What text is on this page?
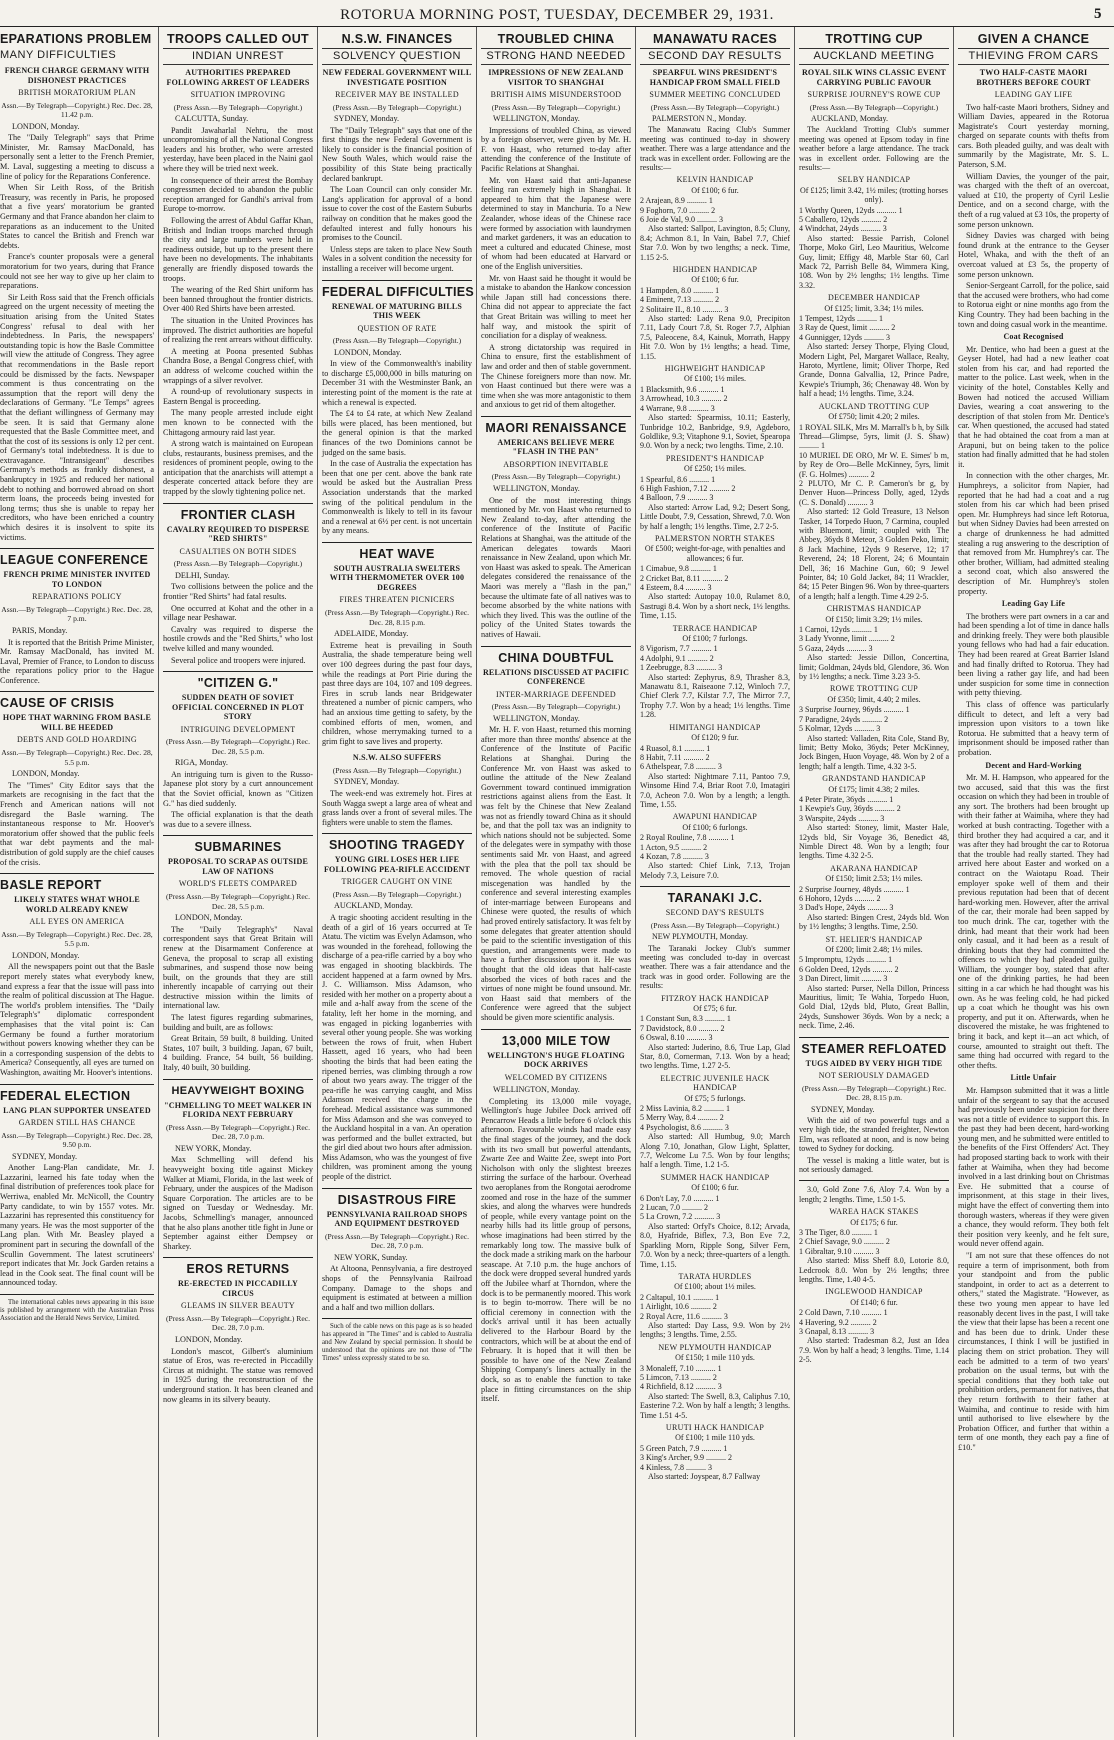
ROTORUA MORNING POST, TUESDAY, DECEMBER 29, 1931.	5
EPARATIONS PROBLEM
MANY DIFFICULTIES
FRENCH CHARGE GERMANY WITH DISHONEST PRACTICES
BRITISH MORATORIUM PLAN
Assn.—By Telegraph—Copyright.) Rec. Dec. 28, 11.42 p.m.

LONDON, Monday.

The "Daily Telegraph" says that Prime Minister, Mr. Ramsay MacDonald, has personally sent a letter to the French Premier, M. Laval, suggesting a meeting to discuss a line of policy for the Reparations Conference.

When Sir Leith Ross, of the British Treasury, was recently in Paris, he proposed that a five years' moratorium be granted Germany and that France abandon her claim to reparations as an inducement to the United States to cancel the British and French war debts.

France's counter proposals were a general moratorium for two years, during that France could not see her way to give up her claim to reparations.

Sir Leith Ross said that the French officials agreed on the urgent necessity of meeting the situation arising from the United States Congress' refusal to deal with her indebtedness. In Paris, the newspapers' outstanding topic is how the Basle Committee will view the attitude of Congress. They agree that recommendations in the Basle report could be dismissed by the facts. Newspaper comment is thus concentrating on the assumption that the report will deny the declarations of Germany. "Le Temps" agrees that the defiant willingness of Germany may be seen. It is said that Germany alone requested that the Basle Committee meet, and that the cost of its sessions is only 12 per cent. of Germany's total indebtedness. It is due to extravagance. "Intransigeant" describes Germany's methods as frankly dishonest, a bankruptcy in 1925 and reduced her national debt to nothing and borrowed abroad on short term loans, the proceeds being invested for long terms; thus she is unable to repay her creditors, who have been enriched a country which desires it is insolvent to spite its victims.

LEAGUE CONFERENCE
FRENCH PRIME MINISTER INVITED TO LONDON
REPARATIONS POLICY
Assn.—By Telegraph—Copyright.) Rec. Dec. 28, 7 p.m.

PARIS, Monday.

It is reported that the British Prime Minister, Mr. Ramsay MacDonald, has invited M. Laval, Premier of France, to London to discuss the reparations policy prior to the Hague Conference.

CAUSE OF CRISIS
HOPE THAT WARNING FROM BASLE WILL BE HEEDED
DEBTS AND GOLD HOARDING
Assn.—By Telegraph—Copyright.) Rec. Dec. 28, 5.5 p.m.

LONDON, Monday.

The "Times" City Editor says that the markets are recognising in the fact that the French and American nations will not disregard the Basle warning. The instantaneous response to Mr. Hoover's moratorium offer showed that the public feels that war debt payments and the mal-distribution of gold supply are the chief causes of the crisis.

BASLE REPORT
LIKELY STATES WHAT WHOLE WORLD ALREADY KNEW
ALL EYES ON AMERICA
Assn.—By Telegraph—Copyright.) Rec. Dec. 28, 5.5 p.m.

LONDON, Monday.

All the newspapers point out that the Basle report merely states what everybody knew, and express a fear that the issue will pass into the realm of political discussion at The Hague. The world's problem intensifies. The "Daily Telegraph's" diplomatic correspondent emphasises that the vital point is: Can Germany be found a further moratorium without powers knowing whether they can be in a corresponding suspension of the debts to America? Consequently, all eyes are turned on Washington, awaiting Mr. Hoover's intentions.

FEDERAL ELECTION
LANG PLAN SUPPORTER UNSEATED
GARDEN STILL HAS CHANCE
Assn.—By Telegraph—Copyright.) Rec. Dec. 28, 9.50 p.m.

SYDNEY, Monday.

Another Lang-Plan candidate, Mr. J. Lazzarini, learned his fate today when the final distribution of preferences took place for Werriwa, enabled Mr. McNicoll, the Country Party candidate, to win by 1557 votes. Mr. Lazzarini has represented this constituency for many years. He was the most supporter of the Lang plan. With Mr. Beasley played a prominent part in securing the downfall of the Scullin Government. The latest scrutineers' report indicates that Mr. Jock Garden retains a lead in the Cook seat. The final count will be announced today.

The international cables news appearing in this issue is published by arrangement with the Australian Press Association and the Herald News Service, Limited.

TROOPS CALLED OUT
INDIAN UNREST
AUTHORITIES PREPARED FOLLOWING ARREST OF LEADERS
SITUATION IMPROVING
(Press Assn.—By Telegraph—Copyright.)

CALCUTTA, Sunday.

Pandit Jawaharlal Nehru, the most uncompromising of all the National Congress leaders and his brother, who were arrested yesterday, have been placed in the Naini gaol where they will be tried next week.

In consequence of their arrest the Bombay congressmen decided to abandon the public reception arranged for Gandhi's arrival from Europe to-morrow.

Following the arrest of Abdul Gaffar Khan, British and Indian troops marched through the city and large numbers were held in readiness outside, but up to the present there have been no developments. The inhabitants generally are friendly disposed towards the troops.

The wearing of the Red Shirt uniform has been banned throughout the frontier districts. Over 400 Red Shirts have been arrested.

The situation in the United Provinces has improved. The district authorities are hopeful of realizing the rent arrears without difficulty.

A meeting at Poona presented Subhas Chandra Bose, a Bengal Congress chief, with an address of welcome couched within the wrappings of a silver revolver.

A round-up of revolutionary suspects in Eastern Bengal is proceeding.

The many people arrested include eight men known to be connected with the Chittagong armoury raid last year.

A strong watch is maintained on European clubs, restaurants, business premises, and the residences of prominent people, owing to the anticipation that the anarchists will attempt a desperate concerted attack before they are trapped by the slowly tightening police net.

FRONTIER CLASH
CAVALRY REQUIRED TO DISPERSE "RED SHIRTS"
CASUALTIES ON BOTH SIDES
(Press Assn.—By Telegraph—Copyright.)

DELHI, Sunday.

Two collisions between the police and the frontier "Red Shirts" had fatal results.

One occurred at Kohat and the other in a village near Peshawar.

Cavalry was required to disperse the hostile crowds and the "Red Shirts," who lost twelve killed and many wounded.

Several police and troopers were injured.

"CITIZEN G."
SUDDEN DEATH OF SOVIET OFFICIAL CONCERNED IN PLOT STORY
INTRIGUING DEVELOPMENT
(Press Assn.—By Telegraph—Copyright.) Rec. Dec. 28, 5.5 p.m.

RIGA, Monday.

An intriguing turn is given to the Russo-Japanese plot story by a curt announcement that the Soviet official, known as "Citizen G." has died suddenly.

The official explanation is that the death was due to a severe illness.

SUBMARINES
PROPOSAL TO SCRAP AS OUTSIDE LAW OF NATIONS
WORLD'S FLEETS COMPARED
(Press Assn.—By Telegraph—Copyright.) Rec. Dec. 28, 5.5 p.m.

LONDON, Monday.

The "Daily Telegraph's" Naval correspondent says that Great Britain will renew at the Disarmament Conference at Geneva, the proposal to scrap all existing submarines, and suspend those now being built, on the grounds that they are still inherently incapable of carrying out their destructive mission within the limits of international law.

The latest figures regarding submarines, building and built, are as follows:

Great Britain, 59 built, 8 building. United States, 107 built, 3 building. Japan, 67 built, 4 building. France, 54 built, 56 building. Italy, 40 built, 30 building.

HEAVYWEIGHT BOXING
"CHMELLING TO MEET WALKER IN FLORIDA NEXT FEBRUARY
(Press Assn.—By Telegraph—Copyright.) Rec. Dec. 28, 7.0 p.m.

NEW YORK, Monday.

Max Schmelling will defend his heavyweight boxing title against Mickey Walker at Miami, Florida, in the last week of February, under the auspices of the Madison Square Corporation. The articles are to be signed on Tuesday or Wednesday. Mr. Jacobs, Schmelling's manager, announced that he also plans another title fight in June or September against either Dempsey or Sharkey.

EROS RETURNS
RE-ERECTED IN PICCADILLY CIRCUS
GLEAMS IN SILVER BEAUTY
(Press Assn.—By Telegraph—Copyright.) Rec. Dec. 28, 7.0 p.m.

LONDON, Monday.

London's mascot, Gilbert's aluminium statue of Eros, was re-erected in Piccadilly Circus at midnight. The statue was removed in 1925 during the reconstruction of the underground station. It has been cleaned and now gleams in its silvery beauty.

N.S.W. FINANCES
SOLVENCY QUESTION
NEW FEDERAL GOVERNMENT WILL INVESTIGATE POSITION
RECEIVER MAY BE INSTALLED
(Press Assn.—By Telegraph—Copyright.)

SYDNEY, Monday.

The "Daily Telegraph" says that one of the first things the new Federal Government is likely to consider is the financial position of New South Wales, which would raise the possibility of this State being practically declared bankrupt.

The Loan Council can only consider Mr. Lang's application for approval of a bond issue to cover the cost of the Eastern Suburbs railway on condition that he makes good the defaulted interest and fully honours his promises to the Council.

Unless steps are taken to place New South Wales in a solvent condition the necessity for installing a receiver will become urgent.

FEDERAL DIFFICULTIES
RENEWAL OF MATURING BILLS THIS WEEK
QUESTION OF RATE
(Press Assn.—By Telegraph—Copyright.)

LONDON, Monday.

In view of the Commonwealth's inability to discharge £5,000,000 in bills maturing on December 31 with the Westminster Bank, an interesting point of the moment is the rate at which a renewal is expected.

The £4 to £4 rate, at which New Zealand bills were placed, has been mentioned, but the general opinion is that the marked finances of the two Dominions cannot be judged on the same basis.

In the case of Australia the expectation has been that one per cent. above the bank rate would be asked but the Australian Press Association understands that the marked swing of the political pendulum in the Commonwealth is likely to tell in its favour and a renewal at 6½ per cent. is not uncertain by any means.

HEAT WAVE
SOUTH AUSTRALIA SWELTERS WITH THERMOMETER OVER 100 DEGREES
FIRES THREATEN PICNICERS
(Press Assn.—By Telegraph—Copyright.) Rec. Dec. 28, 8.15 p.m.

ADELAIDE, Monday.

Extreme heat is prevailing in South Australia, the shade temperature being well over 100 degrees during the past four days, while the readings at Port Pirie during the past three days are 104, 107 and 109 degrees. Fires in scrub lands near Bridgewater threatened a number of picnic campers, who had an anxious time getting to safety, by the combined efforts of men, women, and children, whose merrymaking turned to a grim fight to save lives and property.

N.S.W. ALSO SUFFERS
(Press Assn.—By Telegraph—Copyright.)

SYDNEY, Monday.

The week-end was extremely hot. Fires at South Wagga swept a large area of wheat and grass lands over a front of several miles. The fighters were unable to stem the flames.

SHOOTING TRAGEDY
YOUNG GIRL LOSES HER LIFE FOLLOWING PEA-RIFLE ACCIDENT
TRIGGER CAUGHT ON VINE
(Press Assn.—By Telegraph—Copyright.)

AUCKLAND, Monday.

A tragic shooting accident resulting in the death of a girl of 16 years occurred at Te Atatu. The victim was Evelyn Adamson, who was wounded in the forehead, following the discharge of a pea-rifle carried by a boy who was engaged in shooting blackbirds. The accident happened at a farm owned by Mrs. J. C. Williamson. Miss Adamson, who resided with her mother on a property about a mile and a-half away from the scene of the fatality, left her home in the morning, and was engaged in picking loganberries with several other young people. She was working between the rows of fruit, when Hubert Hassett, aged 16 years, who had been shooting the birds that had been eating the ripened berries, was climbing through a row of about two years away. The trigger of the pea-rifle he was carrying caught, and Miss Adamson received the charge in the forehead. Medical assistance was summoned for Miss Adamson and she was conveyed to the Auckland hospital in a van. An operation was performed and the bullet extracted, but the girl died about two hours after admission. Miss Adamson, who was the youngest of five children, was prominent among the young people of the district.

DISASTROUS FIRE
PENNSYLVANIA RAILROAD SHOPS AND EQUIPMENT DESTROYED
(Press Assn.—By Telegraph—Copyright.) Rec. Dec. 28, 7.0 p.m.

NEW YORK, Sunday.

At Altoona, Pennsylvania, a fire destroyed shops of the Pennsylvania Railroad Company. Damage to the shops and equipment is estimated at between a million and a half and two million dollars.

Such of the cable news on this page as is so headed has appeared in "The Times" and is cabled to Australia and New Zealand by special permission. It should be understood that the opinions are not those of "The Times" unless expressly stated to be so.

TROUBLED CHINA
STRONG HAND NEEDED
IMPRESSIONS OF NEW ZEALAND VISITOR TO SHANGHAI
BRITISH AIMS MISUNDERSTOOD
(Press Assn.—By Telegraph—Copyright.)

WELLINGTON, Monday.

Impressions of troubled China, as viewed by a foreign observer, were given by Mr. H. F. von Haast, who returned to-day after attending the conference of the Institute of Pacific Relations at Shanghai.

Mr. von Haast said that anti-Japanese feeling ran extremely high in Shanghai. It appeared to him that the Japanese were determined to stay in Manchuria. To a New Zealander, whose ideas of the Chinese race were formed by association with laundrymen and market gardeners, it was an education to meet a cultured and educated Chinese, most of whom had been educated at Harvard or one of the English universities.

Mr. von Haast said he thought it would be a mistake to abandon the Hankow concession while Japan still had concessions there. China did not appear to appreciate the fact that Great Britain was willing to meet her half way, and mistook the spirit of conciliation for a display of weakness.

A strong dictatorship was required in China to ensure, first the establishment of law and order and then of stable government. The Chinese foreigners more than now. Mr. von Haast continued but there were was a time when she was more antagonistic to them and anxious to get rid of them altogether.

MAORI RENAISSANCE
AMERICANS BELIEVE MERE "FLASH IN THE PAN"
ABSORPTION INEVITABLE
(Press Assn.—By Telegraph—Copyright.)

WELLINGTON, Monday.

One of the most interesting things mentioned by Mr. von Haast who returned to New Zealand to-day, after attending the conference of the Institute of Pacific Relations at Shanghai, was the attitude of the American delegates towards Maori renaissance in New Zealand, upon which Mr. von Haast was asked to speak. The American delegates considered the renaissance of the Maori was merely a "flash in the pan," because the ultimate fate of all natives was to become absorbed by the white nations with which they lived. This was the outline of the policy of the United States towards the natives of Hawaii.

CHINA DOUBTFUL
RELATIONS DISCUSSED AT PACIFIC CONFERENCE
INTER-MARRIAGE DEFENDED
(Press Assn.—By Telegraph—Copyright.)

WELLINGTON, Monday.

Mr. H. F. von Haast, returned this morning after more than three months' absence at the Conference of the Institute of Pacific Relations at Shanghai. During the Conference Mr. von Haast was asked to outline the attitude of the New Zealand Government toward continued immigration restrictions against aliens from the East. It was felt by the Chinese that New Zealand was not as friendly toward China as it should be, and that the poll tax was an indignity to which nations should not be subjected. Some of the delegates were in sympathy with those sentiments said Mr. von Haast, and agreed with the plea that the poll tax should be removed. The whole question of racial miscegenation was handled by the conference and several interesting examples of inter-marriage between Europeans and Chinese were quoted, the results of which had proved entirely satisfactory. It was felt by some delegates that greater attention should be paid to the scientific investigation of this question, and arrangements were made to have a further discussion upon it. He was thought that the old ideas that half-caste absorbed the vices of both races and the virtues of none might be found unsound. Mr. von Haast said that members of the Conference were agreed that the subject should be given more scientific analysis.

13,000 MILE TOW
WELLINGTON'S HUGE FLOATING DOCK ARRIVES
WELCOMED BY CITIZENS

WELLINGTON, Monday.

Completing its 13,000 mile voyage, Wellington's huge Jubilee Dock arrived off Pencarrow Heads a little before 6 o'clock this afternoon. Favourable winds had made easy the final stages of the journey, and the dock with its two small but powerful attendants, Zwarte Zee and Waitte Zee, swept into Port Nicholson with only the slightest breezes stirring the surface of the harbour. Overhead two aeroplanes from the Rongotai aerodrome zoomed and rose in the haze of the summer skies, and along the wharves were hundreds of people, while every vantage point on the nearby hills had its little group of persons, whose imaginations had been stirred by the remarkably long tow. The massive bulk of the dock made a striking mark on the harbour seascape. At 7.10 p.m. the huge anchors of the dock were dropped several hundred yards off the Jubilee wharf at Thorndon, where the dock is to be permanently moored. This work is to begin to-morrow. There will be no official ceremony in connection with the dock's arrival until it has been actually delivered to the Harbour Board by the contractors, which will be at about the end of February. It is hoped that it will then be possible to have one of the New Zealand Shipping Company's liners actually in the dock, so as to enable the function to take place in fitting circumstances on the ship itself.

MANAWATU RACES
SECOND DAY RESULTS
SPEARFUL WINS PRESIDENT'S HANDICAP FROM SMALL FIELD
SUMMER MEETING CONCLUDED
(Press Assn.—By Telegraph—Copyright.)

PALMERSTON N., Monday.

The Manawatu Racing Club's Summer meeting was continued to-day in showery weather. There was a large attendance and the track was in excellent order. Following are the results:—

KELVIN HANDICAP
Of £100; 6 fur.
2 Arajean, 8.9 .......... 1
9 Foghorn, 7.0 .......... 2
6 Joie de Val, 9.0 .......... 3

Also started: Sallpot, Lavington, 8.5; Cluny, 8.4; Achmon 8.1, In Vain, Babel 7.7, Chief Star 7.0. Won by two lengths; a neck. Time, 1.15 2-5.

HIGHDEN HANDICAP
Of £100; 6 fur.
1 Hampden, 8.0 .......... 1
4 Eminent, 7.13 .......... 2
2 Solitaire II., 8.10 .......... 3

Also started: Lady Rena 9.0, Precipiton 7.11, Lady Court 7.8, St. Roger 7.7, Alphian 7.5, Paleocene, 8.4, Kainuk, Morrath, Happy Hit 7.0. Won by 1½ lengths; a head. Time, 1.15.

HIGHWEIGHT HANDICAP
Of £100; 1½ miles.
1 Blacksmith, 9.6 .......... 1
3 Arrowhead, 10.3 .......... 2
4 Warrane, 9.8 .......... 3

Also started: Spearmiss, 10.11; Easterly, Tunbridge 10.2, Banbridge, 9.9, Agdeboro, Goldlike, 9.3; Vitaphone 9.1, Soviet, Spearopa 9.0. Won by a neck; two lengths. Time, 2.10.

PRESIDENT'S HANDICAP
Of £250; 1½ miles.
1 Spearful, 8.6 .......... 1
6 High Fashion, 7.12 .......... 2
4 Balloon, 7.9 .......... 3

Also started: Arrow Lad, 9.2; Desert Song, Little Doubt, 7.9, Cessation, Shrewd, 7.0. Won by half a length; 1½ lengths. Time, 2.7 2-5.

PALMERSTON NORTH STAKES
Of £500; weight-for-age, with penalties and allowances; 6 fur.
1 Cimabue, 9.8 .......... 1
2 Cricket Bat, 8.11 .......... 2
4 Esteem, 8.4 .......... 3

Also started: Autopay 10.0, Rulamet 8.0, Sastrugi 8.4. Won by a short neck, 1½ lengths. Time, 1.15.

TERRACE HANDICAP
Of £100; 7 furlongs.
8 Vigorism, 7.7 .......... 1
4 Adolphi, 9.1 .......... 2
1 Zeebrugge, 8.3 .......... 3

Also started: Zephyrus, 8.9, Thrasher 8.3, Manawatu 8.1, Raiseaone 7.12, Winloch 7.7, Chief Clerk 7.7, Kilstar 7.7, The Mirror 7.7, Trophy 7.7. Won by a head; 1½ lengths. Time 1.28.

HIMITANGI HANDICAP
Of £120; 9 fur.
4 Ruasol, 8.1 .......... 1
8 Habit, 7.11 .......... 2
6 Athelspear, 7.8 .......... 3

Also started: Nightmare 7.11, Pantoo 7.9, Winsome Hind 7.4, Briar Root 7.0, Imatagiri 7.0, Acheon 7.0. Won by a length; a length. Time, 1.55.

AWAPUNI HANDICAP
Of £100; 6 furlongs.
2 Royal Rouline, 7.8 .......... 1
1 Acton, 9.5 .......... 2
4 Kozan, 7.8 .......... 3

Also started: Chief Link, 7.13, Trojan Melody 7.3, Leisure 7.0.

TARANAKI J.C.
SECOND DAY'S RESULTS
(Press Assn.—By Telegraph—Copyright.)

NEW PLYMOUTH, Monday.

The Taranaki Jockey Club's summer meeting was concluded to-day in overcast weather. There was a fair attendance and the track was in good order. Following are the results:

FITZROY HACK HANDICAP
Of £75; 6 fur.
1 Constant Sun, 8.3 .......... 1
7 Davidstock, 8.0 .......... 2
6 Oswal, 8.10 .......... 3

Also started: Juderino, 8.6, True Lap, Glad Star, 8.0, Cornerman, 7.13. Won by a head; two lengths. Time, 1.27 2-5.

ELECTRIC JUVENILE HACK HANDICAP
Of £75; 5 furlongs.
2 Miss Lavinia, 8.2 .......... 1
5 Merry Way, 8.4 .......... 2
4 Psychologist, 8.6 .......... 3

Also started: All Humbug, 9.0; March Along 7.10, Jonathan, Glow Light, Splatter, 7.7, Welcome Lu 7.5. Won by four lengths; half a length. Time, 1.2 1-5.

SUMMER HACK HANDICAP
Of £100; 6 fur.
6 Don't Lay, 7.0 .......... 1
2 Lucan, 7.0 .......... 2
5 La Crown, 7.2 .......... 3

Also started: Orfyl's Choice, 8.12; Arvada, 8.0, Hyafride, Biflex, 7.3, Bon Eve 7.2, Sparkling Morn, Ripple Song, Silver Fern, 7.0. Won by a neck; three-quarters of a length. Time, 1.15.

TARATA HURDLES
Of £100; about 1½ miles.
2 Caltapul, 10.1 .......... 1
1 Airlight, 10.6 .......... 2
2 Royal Acre, 11.6 .......... 3

Also started: Day Lass, 9.9. Won by 2½ lengths; 3 lengths. Time, 2.55.

NEW PLYMOUTH HANDICAP
Of £150; 1 mile 110 yds.
3 Monaleff, 7.10 .......... 1
5 Limcon, 7.13 .......... 2
4 Richfield, 8.12 .......... 3

Also started: The Swell, 8.3, Caliphus 7.10, Easterine 7.2. Won by half a length; 3 lengths. Time 1.51 4-5.

URUTI HACK HANDICAP
Of £100; 1 mile 110 yds.
5 Green Patch, 7.9 .......... 1
3 King's Archer, 9.9 .......... 2
4 Kinless, 7.8 .......... 3

Also started: Joyspear, 8.7 Fallway

TROTTING CUP
AUCKLAND MEETING
ROYAL SILK WINS CLASSIC EVENT CARRYING PUBLIC FAVOUR
SURPRISE JOURNEY'S ROWE CUP
(Press Assn.—By Telegraph—Copyright.)

AUCKLAND, Monday.

The Auckland Trotting Club's summer meeting was opened at Epsom today in fine weather before a large attendance. The track was in excellent order. Following are the results:—

SELBY HANDICAP
Of £125; limit 3.42, 1½ miles; (trotting horses only).
1 Worthy Queen, 12yds .......... 1
5 Caballero, 12yds .......... 2
4 Windchat, 24yds .......... 3

Also started: Bessie Parrish, Colonel Thorpe, Moko Girl, Leo Mauritius, Welcome Guy, limit; Effigy 48, Marble Star 60, Carl Mack 72, Parrish Belle 84, Wimmera King, 108. Won by 2½ lengths; 1½ lengths. Time 3.32.

DECEMBER HANDICAP
Of £125; limit, 3.34; 1½ miles.
1 Tempest, 12yds .......... 1
3 Ray de Quest, limit .......... 2
4 Gunnigger, 12yds .......... 3

Also started: Jersey Thorpe, Flying Cloud, Modern Light, Pel, Margaret Wallace, Realty, Haroto, Myrtlene, limit; Oliver Thorpe, Red Grande, Donna Galvallia, 12, Prince Padre, Kewpie's Triumph, 36; Chenaway 48. Won by half a head; 1½ lengths. Time, 3.24.

AUCKLAND TROTTING CUP
Of £750; limit 4.20; 2 miles.
1 ROYAL SILK, Mrs M. Marrall's b h, by Silk Thread—Glimpse, 5yrs, limit (J. S. Shaw) .......... 1
10 MURIEL DE ORO, Mr W. E. Simes' b m, by Rey de Oro—Belle McKinney, 5yrs, limit (F. G. Holmes) .......... 2
2 PLUTO, Mr C. P. Cameron's br g, by Denver Huon—Princess Dolly, aged, 12yds (C. S. Donald) .......... 3

Also started: 12 Gold Treasure, 13 Nelson Tasker, 14 Torpedo Huon, 7 Carmina, coupled with Bluemont, limit; coupled with The Abbey, 36yds 8 Meteor, 3 Golden Peko, limit; 8 Jack Machine, 12yds 9 Reserve, 12; 17 Reverend, 24; 18 Florent, 24; 6 Mountain Dell, 36; 16 Machine Gun, 60; 9 Jewel Pointer, 84; 10 Gold Jacket, 84; 11 Wrackler, 84; 15 Peter Bingen 96. Won by three-quarters of a length; half a length. Time 4.29 2-5.

CHRISTMAS HANDICAP
Of £150; limit 3.29; 1½ miles.
1 Carnoi, 12yds .......... 1
3 Lady Yvonne, limit .......... 2
5 Gaza, 24yds .......... 3

Also started: Jessie Dillon, Concertina, limit; Goldman, 24yds bld, Glendore, 36. Won by 1½ lengths; a neck. Time 3.23 3-5.

ROWE TROTTING CUP
Of £350; limit, 4.40; 2 miles.
3 Surprise Journey, 96yds .......... 1
7 Paradigne, 24yds .......... 2
5 Kolmar, 12yds .......... 3

Also started: Valladen, Rita Cole, Stand By, limit; Betty Moko, 36yds; Peter McKinney, Jock Bingen, Huon Voyage, 48. Won by 2 of a length; half a length. Time, 4.32 3-5.

GRANDSTAND HANDICAP
Of £175; limit 4.38; 2 miles.
4 Peter Pirate, 36yds .......... 1
1 Kewpie's Guy, 36yds .......... 2
3 Warspite, 24yds .......... 3

Also started: Stoney, limit, Master Hale, 12yds bld, Sir Voyage 36, Benedict 48, Nimble Direct 48. Won by a length; four lengths. Time 4.32 2-5.

AKARANA HANDICAP
Of £150; limit 2.53; 1½ miles.
2 Surprise Journey, 48yds .......... 1
6 Hohoro, 12yds .......... 2
3 Dad's Hope, 24yds .......... 3

Also started: Bingen Crest, 24yds bld. Won by 1½ lengths; 3 lengths. Time, 2.50.

ST. HELIER'S HANDICAP
Of £200; limit 2.48; 1½ miles.
5 Impromptu, 12yds .......... 1
6 Golden Deed, 12yds .......... 2
3 Dan Direct, limit .......... 3

Also started: Purser, Nella Dillon, Princess Mauritius, limit; Te Wahia, Torpedo Huon, Gold Dial, 12yds bld, Pluto, Great Ballin, 24yds, Sunshower 36yds. Won by a neck; a neck. Time, 2.46.

STEAMER REFLOATED
TUGS AIDED BY VERY HIGH TIDE
NOT SERIOUSLY DAMAGED
(Press Assn.—By Telegraph—Copyright.) Rec. Dec. 28, 8.15 p.m.

SYDNEY, Monday.

With the aid of two powerful tugs and a very high tide, the stranded freighter, Newton Elm, was refloated at noon, and is now being towed to Sydney for docking.

The vessel is making a little water, but is not seriously damaged.

3.0, Gold Zone 7.6, Aloy 7.4. Won by a length; 2 lengths. Time, 1.50 1-5.

WAREA HACK STAKES
Of £175; 6 fur.
3 The Tiger, 8.0 .......... 1
2 Chief Savage, 9.0 .......... 2
1 Gibraltar, 9.10 .......... 3

Also started: Miss Sheff 8.0, Lotorie 8.0, Ledcrook 8.0. Won by 2½ lengths; three lengths. Time, 1.40 4-5.

INGLEWOOD HANDICAP
Of £140; 6 fur.
2 Cold Dawn, 7.10 .......... 1
4 Havering, 9.2 .......... 2
3 Gnapal, 8.13 .......... 3

Also started: Tradesman 8.2, Just an Idea 7.9. Won by half a head; 3 lengths. Time, 1.14 2-5.

GIVEN A CHANCE
THIEVING FROM CARS
TWO HALF-CASTE MAORI BROTHERS BEFORE COURT
LEADING GAY LIFE

Two half-caste Maori brothers, Sidney and William Davies, appeared in the Rotorua Magistrate's Court yesterday morning, charged on separate counts with thefts from cars. Both pleaded guilty, and was dealt with summarily by the Magistrate, Mr. S. L. Paterson, S.M.

William Davies, the younger of the pair, was charged with the theft of an overcoat, valued at £10, the property of Cyril Leslie Dentice, and on a second charge, with the theft of a rug valued at £3 10s, the property of some person unknown.

Sidney Davies was charged with being found drunk at the entrance to the Geyser Hotel, Whaka, and with the theft of an overcoat valued at £3 5s, the property of some person unknown.

Senior-Sergeant Carroll, for the police, said that the accused were brothers, who had come to Rotorua eight or nine months ago from the King Country. They had been baching in the town and doing casual work in the meantime.

Coat Recognised

Mr. Dentice, who had been a guest at the Geyser Hotel, had had a new leather coat stolen from his car, and had reported the matter to the police. Last week, when in the vicinity of the hotel, Constables Kelly and Bowen had noticed the accused William Davies, wearing a coat answering to the description of that stolen from Mr. Dentice's car. When questioned, the accused had stated that he had obtained the coat from a man at Arapuni, but on being taken to the police station had finally admitted that he had stolen it.

In connection with the other charges, Mr. Humphreys, a solicitor from Napier, had reported that he had had a coat and a rug stolen from his car which had been prised open. Mr. Humphreys had since left Rotorua, but when Sidney Davies had been arrested on a charge of drunkenness he had admitted stealing a rug answering to the description of that removed from Mr. Humphrey's car. The other brother, William, had admitted stealing a second coat, which also answered the description of Mr. Humphrey's stolen property.

Leading Gay Life

The brothers were part owners in a car and had been spending a lot of time in dance halls and drinking freely. They were both plausible young fellows who had had a fair education. They had been reared at Great Barrier Island and had finally drifted to Rotorua. They had been living a rather gay life, and had been under suspicion for some time in connection with petty thieving.

This class of offence was particularly difficult to detect, and left a very bad impression upon visitors to a town like Rotorua. He submitted that a heavy term of imprisonment should be imposed rather than probation.

Decent and Hard-Working

Mr. M. H. Hampson, who appeared for the two accused, said that this was the first occasion on which they had been in trouble of any sort. The brothers had been brought up with their father at Waimiha, where they had worked at bush contracting. Together with a third brother they had acquired a car, and it was after they had brought the car to Rotorua that the trouble had really started. They had arrived here about Easter and worked on a contract on the Waiotapu Road. Their employer spoke well of them and their previous reputation had been that of decent hard-working men. However, after the arrival of the car, their morale had been sapped by too much drink. The car, together with the drink, had meant that their work had been only casual, and it had been as a result of drinking bouts that they had committed the offences to which they had pleaded guilty. William, the younger boy, stated that after one of the drinking parties, he had been sitting in a car which he had thought was his own. As he was feeling cold, he had picked up a coat which he thought was his own property, and put it on. Afterwards, when he discovered the mistake, he was frightened to bring it back, and kept it—an act which, of course, amounted to straight out theft. The same thing had occurred with regard to the other thefts.

Little Unfair

Mr. Hampson submitted that it was a little unfair of the sergeant to say that the accused had previously been under suspicion for there was not a tittle of evidence to support this. In the past they had been decent, hard-working young men, and he submitted were entitled to the benefits of the First Offenders' Act. They had proposed starting back to work with their father at Waimiha, when they had become involved in a last drinking bout on Christmas Eve. He submitted that a course of imprisonment, at this stage in their lives, might have the effect of converting them into thorough wasters, whereas if they were given a chance, they would reform. They both felt their position very keenly, and he felt sure, would never offend again.

"I am not sure that these offences do not require a term of imprisonment, both from your standpoint and from the public standpoint, in order to act as a deterrent to others," stated the Magistrate. "However, as these two young men appear to have led reasonably decent lives in the past, I will take the view that their lapse has been a recent one and has been due to drink. Under these circumstances, I think I will be justified in placing them on strict probation. They will each be admitted to a term of two years' probation on the usual terms, but with the special conditions that they both take out prohibition orders, permanent for natives, that they return forthwith to their father at Waimiha, and continue to reside with him until authorised to live elsewhere by the Probation Officer, and further that within a term of one month, they each pay a fine of £10."
